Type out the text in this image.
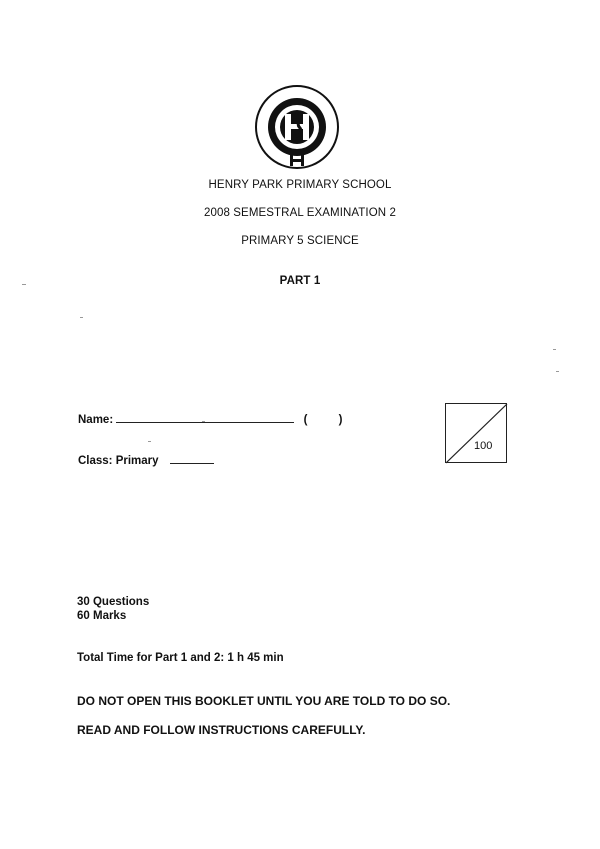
HENRY PARK PRIMARY SCHOOL
2008 SEMESTRAL EXAMINATION 2
PRIMARY 5 SCIENCE
PART 1
Name:	(	)
Class: Primary
100
30 Questions
60 Marks
Total Time for Part 1 and 2: 1 h 45 min
DO NOT OPEN THIS BOOKLET UNTIL YOU ARE TOLD TO DO SO.
READ AND FOLLOW INSTRUCTIONS CAREFULLY.
